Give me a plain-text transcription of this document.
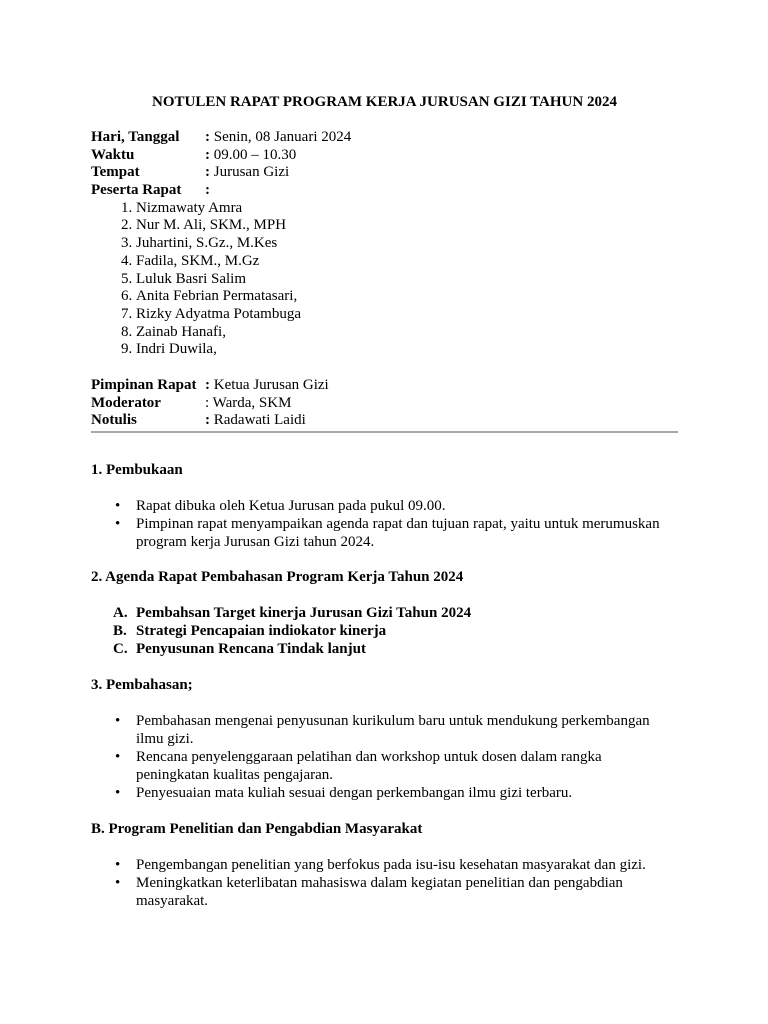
NOTULEN RAPAT PROGRAM KERJA JURUSAN GIZI TAHUN 2024
Hari, Tanggal	: Senin, 08 Januari 2024
Waktu	: 09.00 – 10.30
Tempat	: Jurusan Gizi
Peserta Rapat	:
1. Nizmawaty Amra
2. Nur M. Ali, SKM., MPH
3. Juhartini, S.Gz., M.Kes
4. Fadila, SKM., M.Gz
5. Luluk Basri Salim
6. Anita Febrian Permatasari,
7. Rizky Adyatma Potambuga
8. Zainab Hanafi,
9. Indri Duwila,
Pimpinan Rapat : Ketua Jurusan Gizi
Moderator	: Warda, SKM
Notulis	: Radawati Laidi
1. Pembukaan
• Rapat dibuka oleh Ketua Jurusan pada pukul 09.00.
• Pimpinan rapat menyampaikan agenda rapat dan tujuan rapat, yaitu untuk merumuskan program kerja Jurusan Gizi tahun 2024.
2. Agenda Rapat Pembahasan Program Kerja Tahun 2024
A. Pembahsan Target kinerja Jurusan Gizi Tahun 2024
B. Strategi Pencapaian indiokator kinerja
C. Penyusunan Rencana Tindak lanjut
3. Pembahasan;
• Pembahasan mengenai penyusunan kurikulum baru untuk mendukung perkembangan ilmu gizi.
• Rencana penyelenggaraan pelatihan dan workshop untuk dosen dalam rangka peningkatan kualitas pengajaran.
• Penyesuaian mata kuliah sesuai dengan perkembangan ilmu gizi terbaru.
B. Program Penelitian dan Pengabdian Masyarakat
• Pengembangan penelitian yang berfokus pada isu-isu kesehatan masyarakat dan gizi.
• Meningkatkan keterlibatan mahasiswa dalam kegiatan penelitian dan pengabdian masyarakat.
